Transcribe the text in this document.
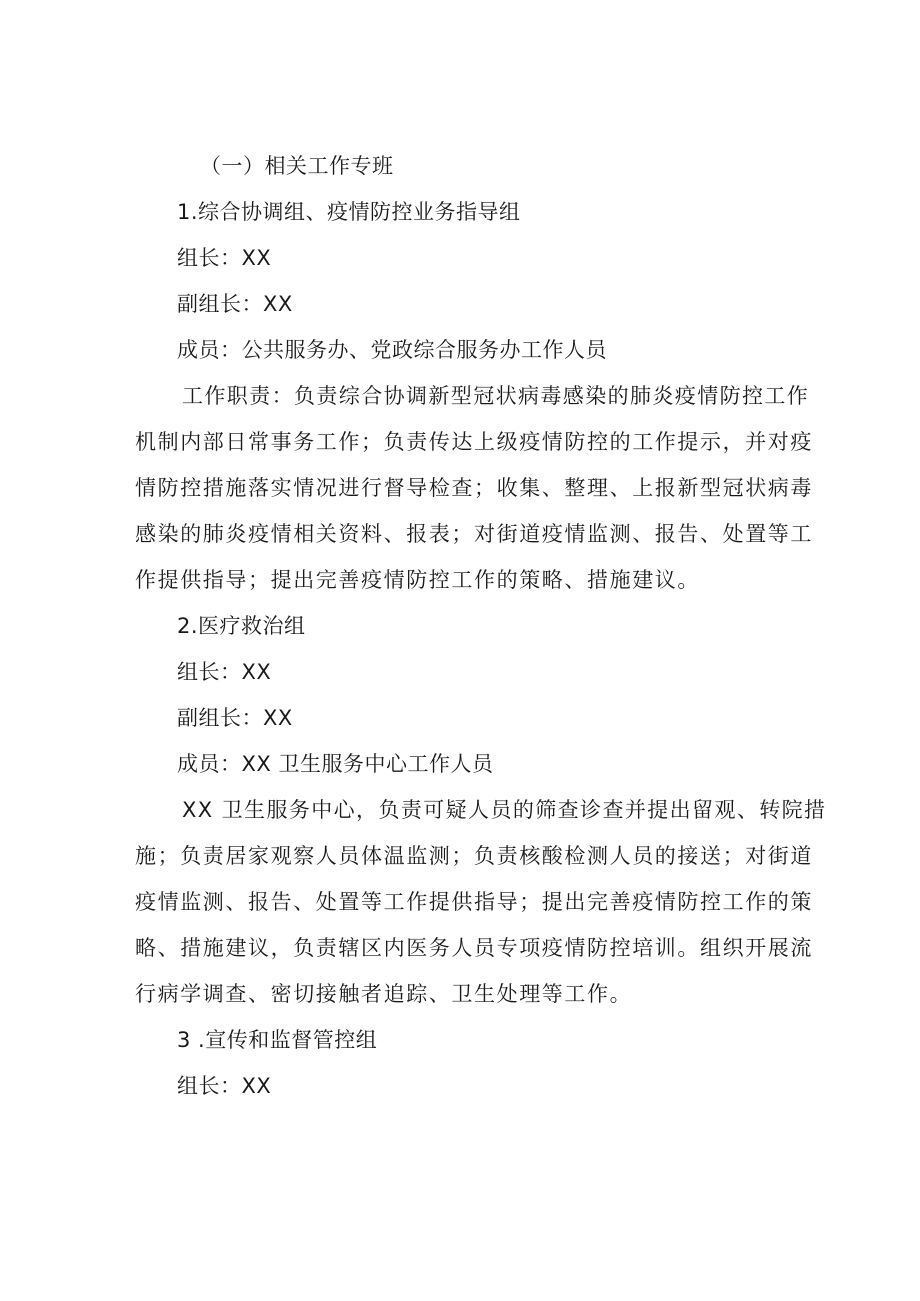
（一）相关工作专班
1.综合协调组、疫情防控业务指导组
组长：XX
副组长：XX
成员：公共服务办、党政综合服务办工作人员
工作职责：负责综合协调新型冠状病毒感染的肺炎疫情防控工作
机制内部日常事务工作；负责传达上级疫情防控的工作提示，并对疫
情防控措施落实情况进行督导检查；收集、整理、上报新型冠状病毒
感染的肺炎疫情相关资料、报表；对街道疫情监测、报告、处置等工
作提供指导；提出完善疫情防控工作的策略、措施建议。
2.医疗救治组
组长：XX
副组长：XX
成员：XX 卫生服务中心工作人员
XX 卫生服务中心，负责可疑人员的筛查诊查并提出留观、转院措
施；负责居家观察人员体温监测；负责核酸检测人员的接送；对街道
疫情监测、报告、处置等工作提供指导；提出完善疫情防控工作的策
略、措施建议，负责辖区内医务人员专项疫情防控培训。组织开展流
行病学调查、密切接触者追踪、卫生处理等工作。
3 .宣传和监督管控组
组长：XX
